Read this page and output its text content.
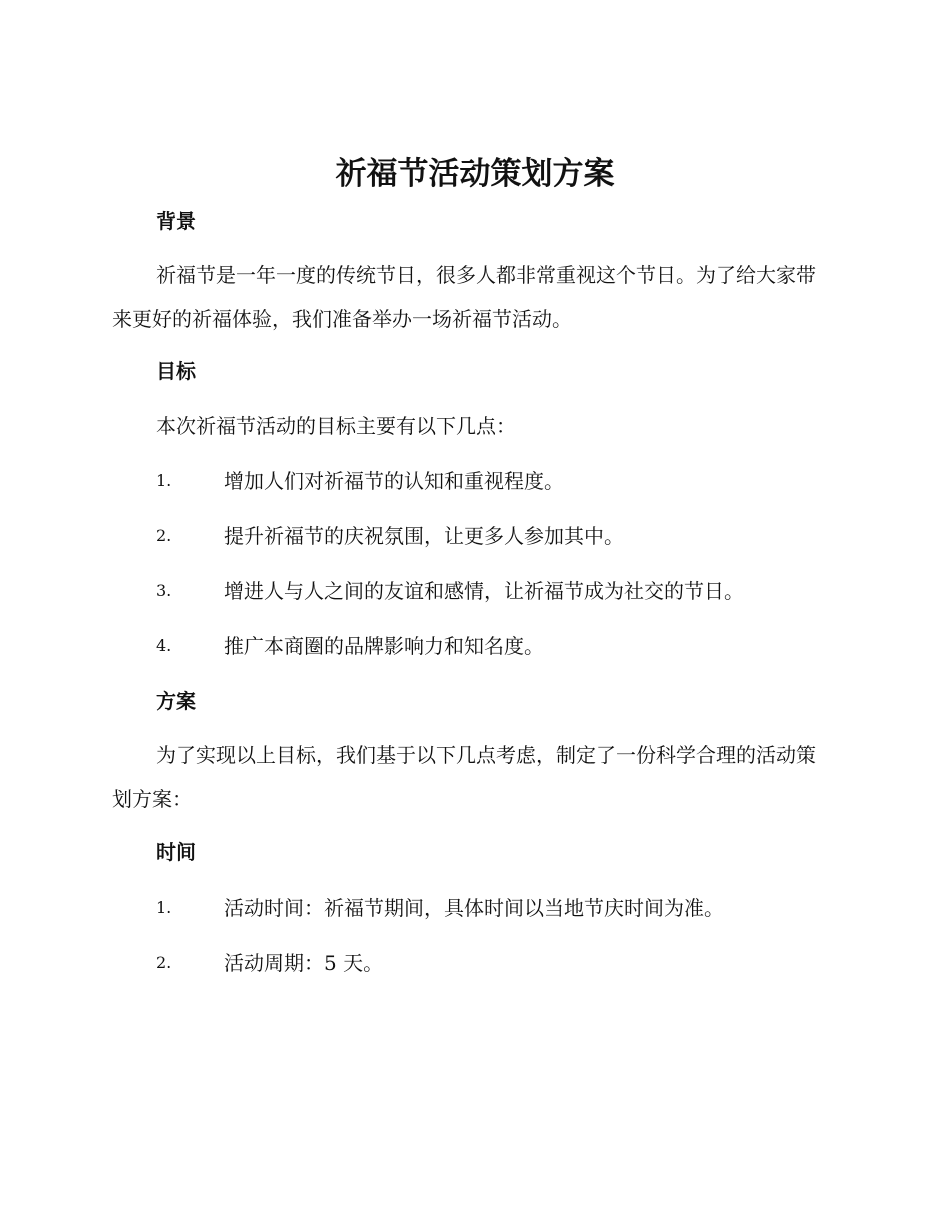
祈福节活动策划方案
背景

祈福节是一年一度的传统节日，很多人都非常重视这个节日。为了给大家带来更好的祈福体验，我们准备举办一场祈福节活动。

目标

本次祈福节活动的目标主要有以下几点：

1.	增加人们对祈福节的认知和重视程度。
2.	提升祈福节的庆祝氛围，让更多人参加其中。
3.	增进人与人之间的友谊和感情，让祈福节成为社交的节日。
4.	推广本商圈的品牌影响力和知名度。
方案

为了实现以上目标，我们基于以下几点考虑，制定了一份科学合理的活动策划方案：

时间
1.	活动时间：祈福节期间，具体时间以当地节庆时间为准。
2.	活动周期：5 天。
